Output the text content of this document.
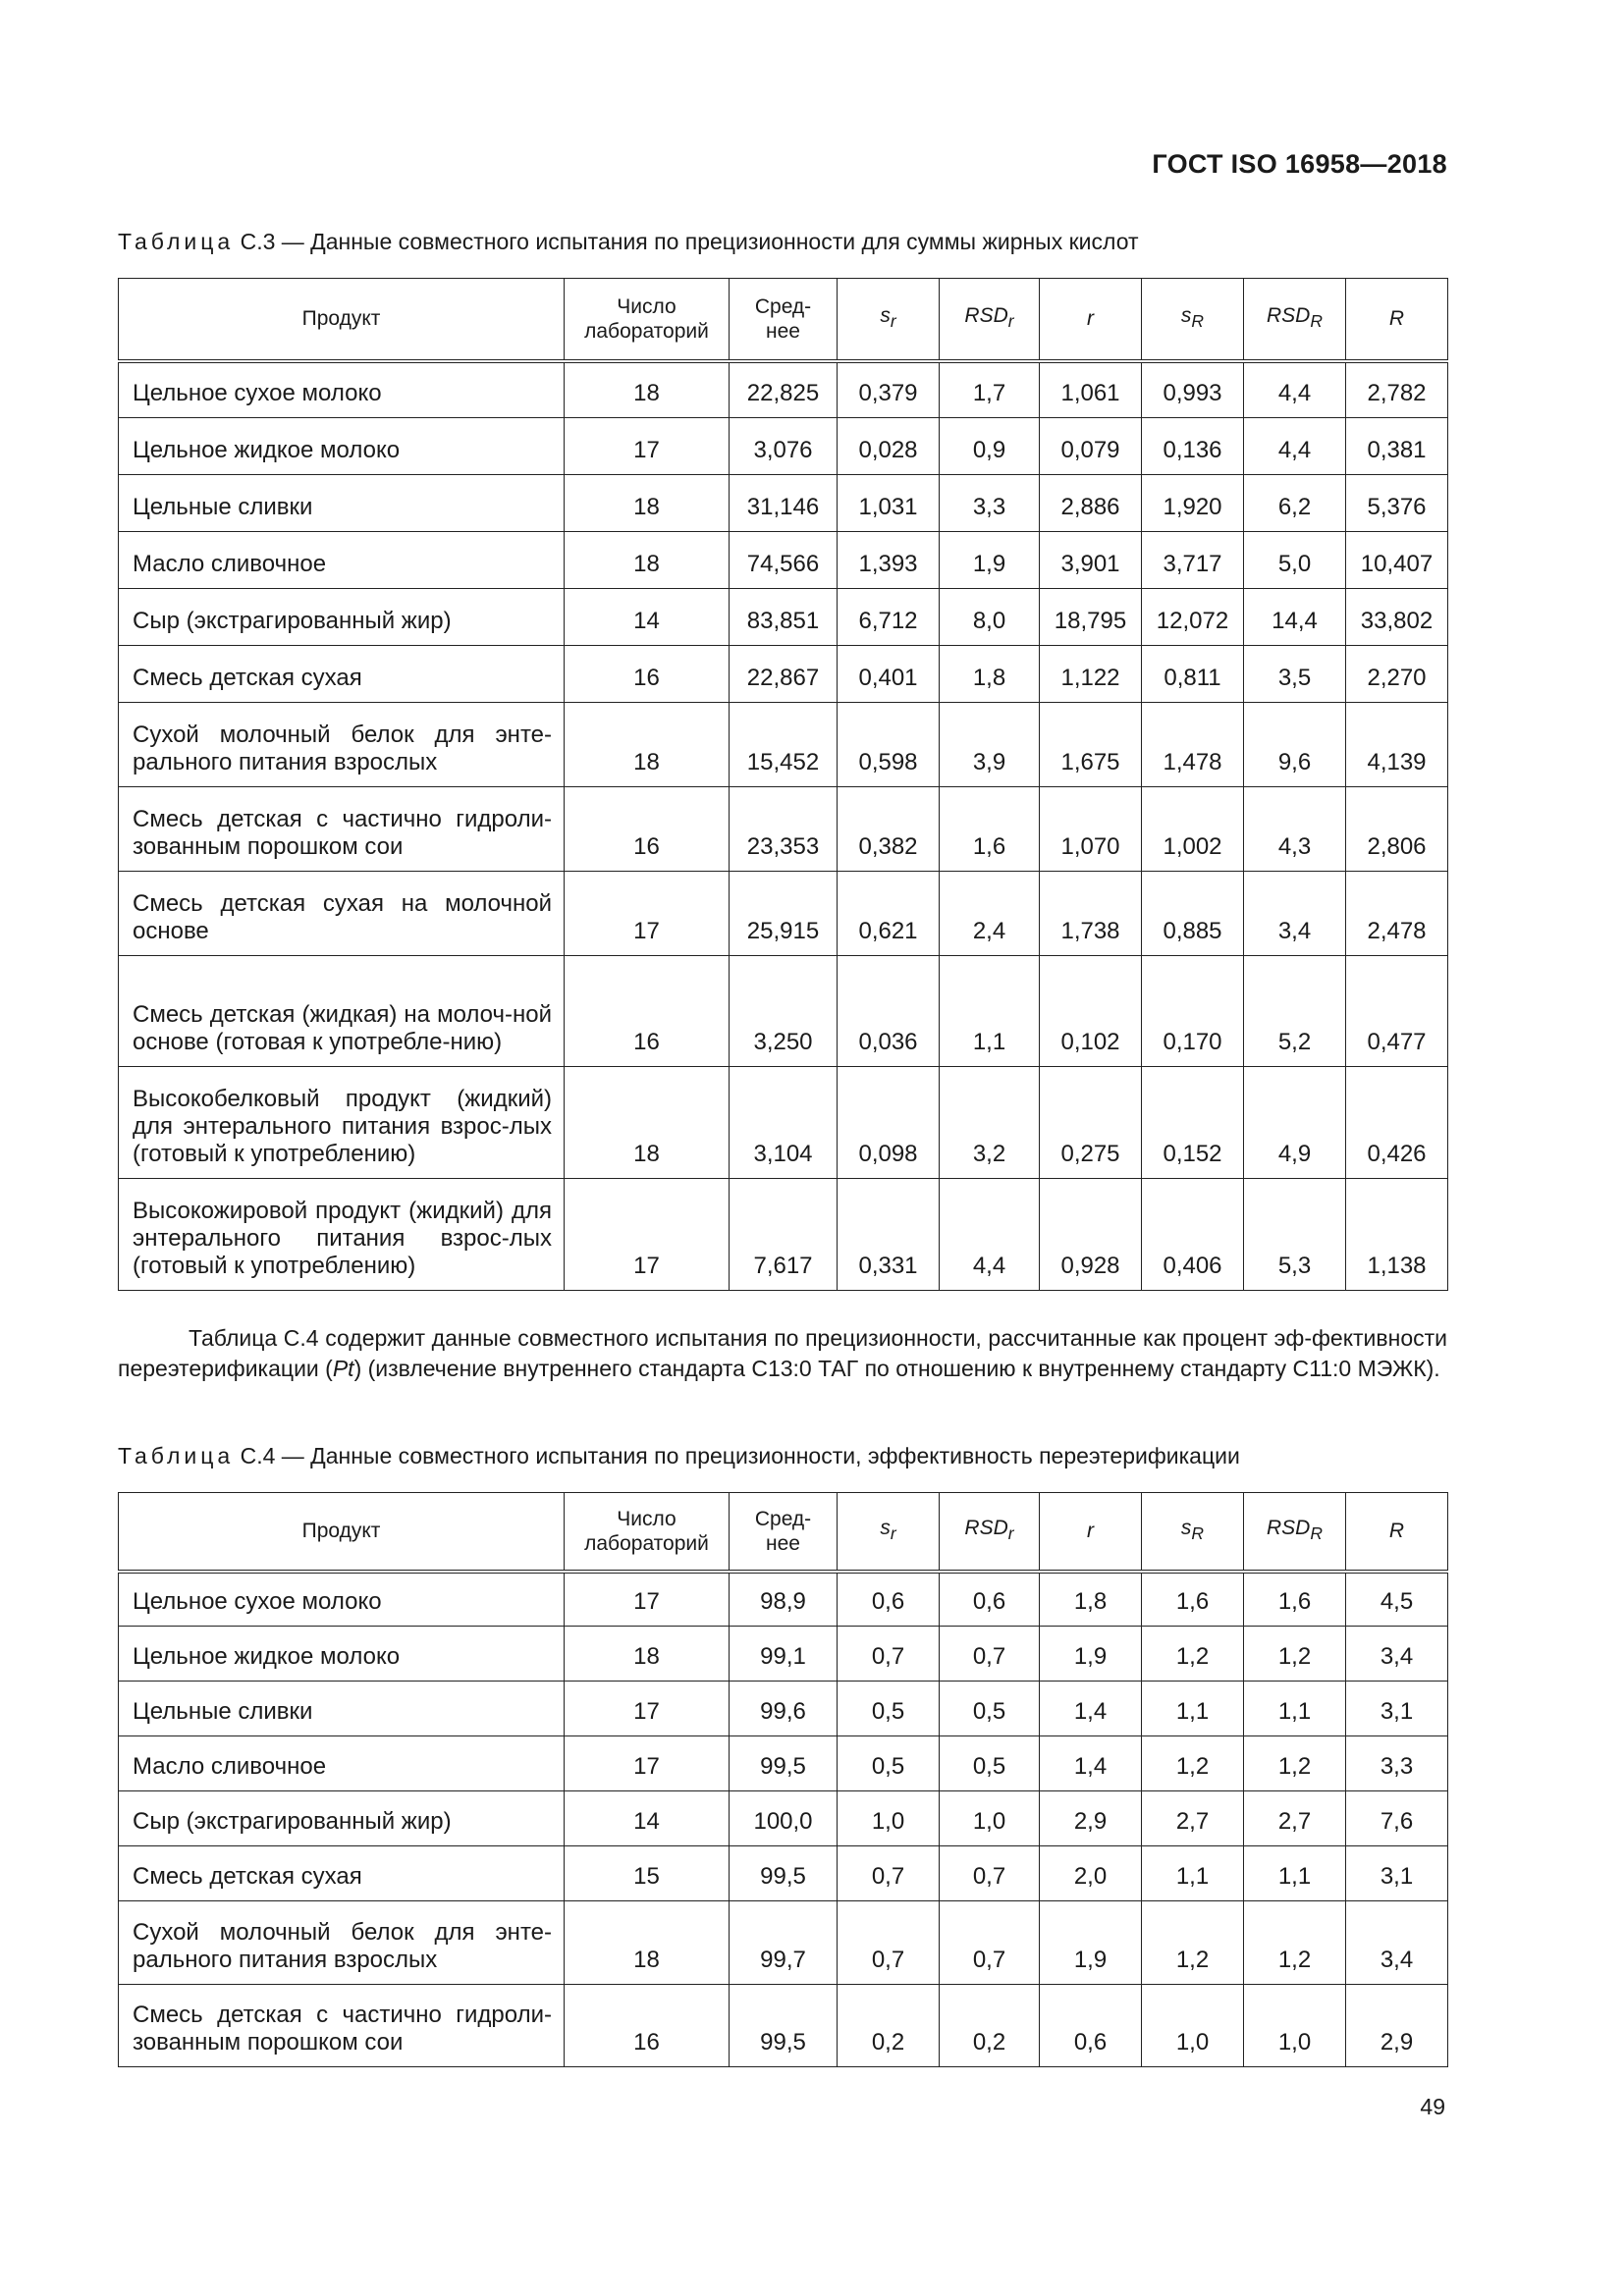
ГОСТ ISO 16958—2018
Таблица С.3 — Данные совместного испытания по прецизионности для суммы жирных кислот
Продукт	Число лабораторий	Сред- нее	$s_r$	$RSD_r$	r	$s_R$	$RSD_R$	R
Цельное сухое молоко	18	22,825	0,379	1,7	1,061	0,993	4,4	2,782
Цельное жидкое молоко	17	3,076	0,028	0,9	0,079	0,136	4,4	0,381
Цельные сливки	18	31,146	1,031	3,3	2,886	1,920	6,2	5,376
Масло сливочное	18	74,566	1,393	1,9	3,901	3,717	5,0	10,407
Сыр (экстрагированный жир)	14	83,851	6,712	8,0	18,795	12,072	14,4	33,802
Смесь детская сухая	16	22,867	0,401	1,8	1,122	0,811	3,5	2,270
Сухой молочный белок для энте-рального питания взрослых	18	15,452	0,598	3,9	1,675	1,478	9,6	4,139
Смесь детская с частично гидроли-зованным порошком сои	16	23,353	0,382	1,6	1,070	1,002	4,3	2,806
Смесь детская сухая на молочной основе	17	25,915	0,621	2,4	1,738	0,885	3,4	2,478
Смесь детская (жидкая) на молоч-ной основе (готовая к употребле-нию)	16	3,250	0,036	1,1	0,102	0,170	5,2	0,477
Высокобелковый продукт (жидкий) для энтерального питания взрос-лых (готовый к употреблению)	18	3,104	0,098	3,2	0,275	0,152	4,9	0,426
Высокожировой продукт (жидкий) для энтерального питания взрос-лых (готовый к употреблению)	17	7,617	0,331	4,4	0,928	0,406	5,3	1,138
Таблица С.4 содержит данные совместного испытания по прецизионности, рассчитанные как процент эф-фективности переэтерификации (Pt) (извлечение внутреннего стандарта С13:0 ТАГ по отношению к внутреннему стандарту С11:0 МЭЖК).
Таблица С.4 — Данные совместного испытания по прецизионности, эффективность переэтерификации
Продукт	Число лабораторий	Сред- нее	$s_r$	$RSD_r$	r	$s_R$	$RSD_R$	R
Цельное сухое молоко	17	98,9	0,6	0,6	1,8	1,6	1,6	4,5
Цельное жидкое молоко	18	99,1	0,7	0,7	1,9	1,2	1,2	3,4
Цельные сливки	17	99,6	0,5	0,5	1,4	1,1	1,1	3,1
Масло сливочное	17	99,5	0,5	0,5	1,4	1,2	1,2	3,3
Сыр (экстрагированный жир)	14	100,0	1,0	1,0	2,9	2,7	2,7	7,6
Смесь детская сухая	15	99,5	0,7	0,7	2,0	1,1	1,1	3,1
Сухой молочный белок для энте-рального питания взрослых	18	99,7	0,7	0,7	1,9	1,2	1,2	3,4
Смесь детская с частично гидроли-зованным порошком сои	16	99,5	0,2	0,2	0,6	1,0	1,0	2,9
49
